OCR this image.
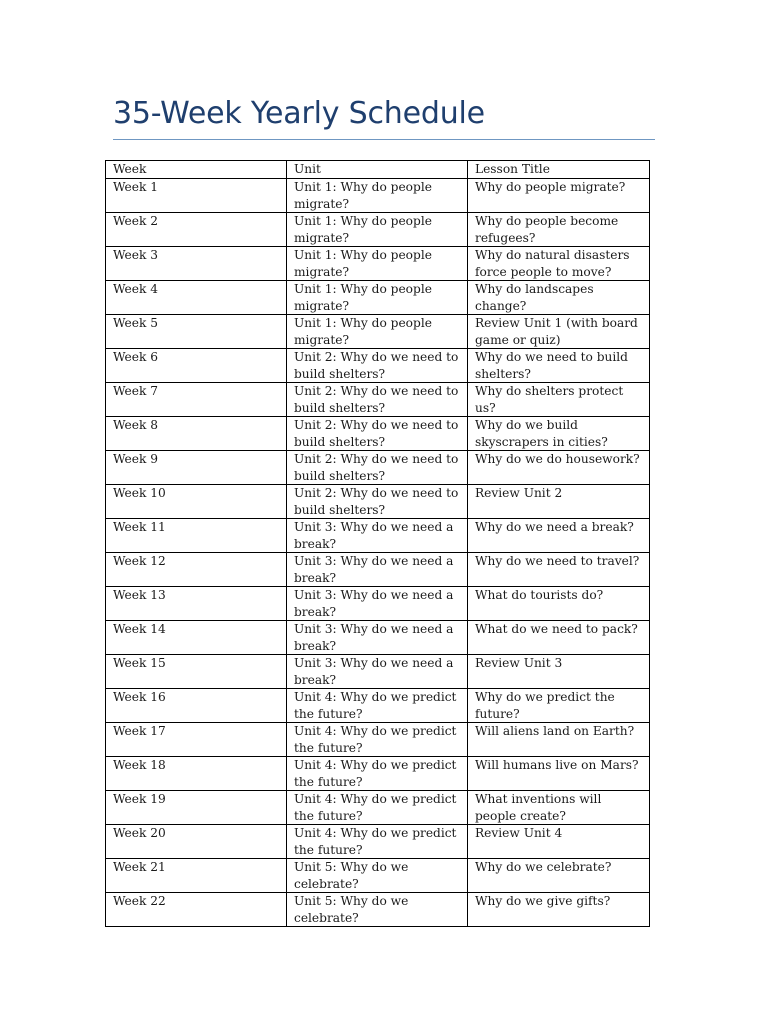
35-Week Yearly Schedule
Week	Unit	Lesson Title
Week 1	Unit 1: Why do people migrate?	Why do people migrate?
Week 2	Unit 1: Why do people migrate?	Why do people become refugees?
Week 3	Unit 1: Why do people migrate?	Why do natural disasters force people to move?
Week 4	Unit 1: Why do people migrate?	Why do landscapes change?
Week 5	Unit 1: Why do people migrate?	Review Unit 1 (with board game or quiz)
Week 6	Unit 2: Why do we need to build shelters?	Why do we need to build shelters?
Week 7	Unit 2: Why do we need to build shelters?	Why do shelters protect us?
Week 8	Unit 2: Why do we need to build shelters?	Why do we build skyscrapers in cities?
Week 9	Unit 2: Why do we need to build shelters?	Why do we do housework?
Week 10	Unit 2: Why do we need to build shelters?	Review Unit 2
Week 11	Unit 3: Why do we need a break?	Why do we need a break?
Week 12	Unit 3: Why do we need a break?	Why do we need to travel?
Week 13	Unit 3: Why do we need a break?	What do tourists do?
Week 14	Unit 3: Why do we need a break?	What do we need to pack?
Week 15	Unit 3: Why do we need a break?	Review Unit 3
Week 16	Unit 4: Why do we predict the future?	Why do we predict the future?
Week 17	Unit 4: Why do we predict the future?	Will aliens land on Earth?
Week 18	Unit 4: Why do we predict the future?	Will humans live on Mars?
Week 19	Unit 4: Why do we predict the future?	What inventions will people create?
Week 20	Unit 4: Why do we predict the future?	Review Unit 4
Week 21	Unit 5: Why do we celebrate?	Why do we celebrate?
Week 22	Unit 5: Why do we celebrate?	Why do we give gifts?
